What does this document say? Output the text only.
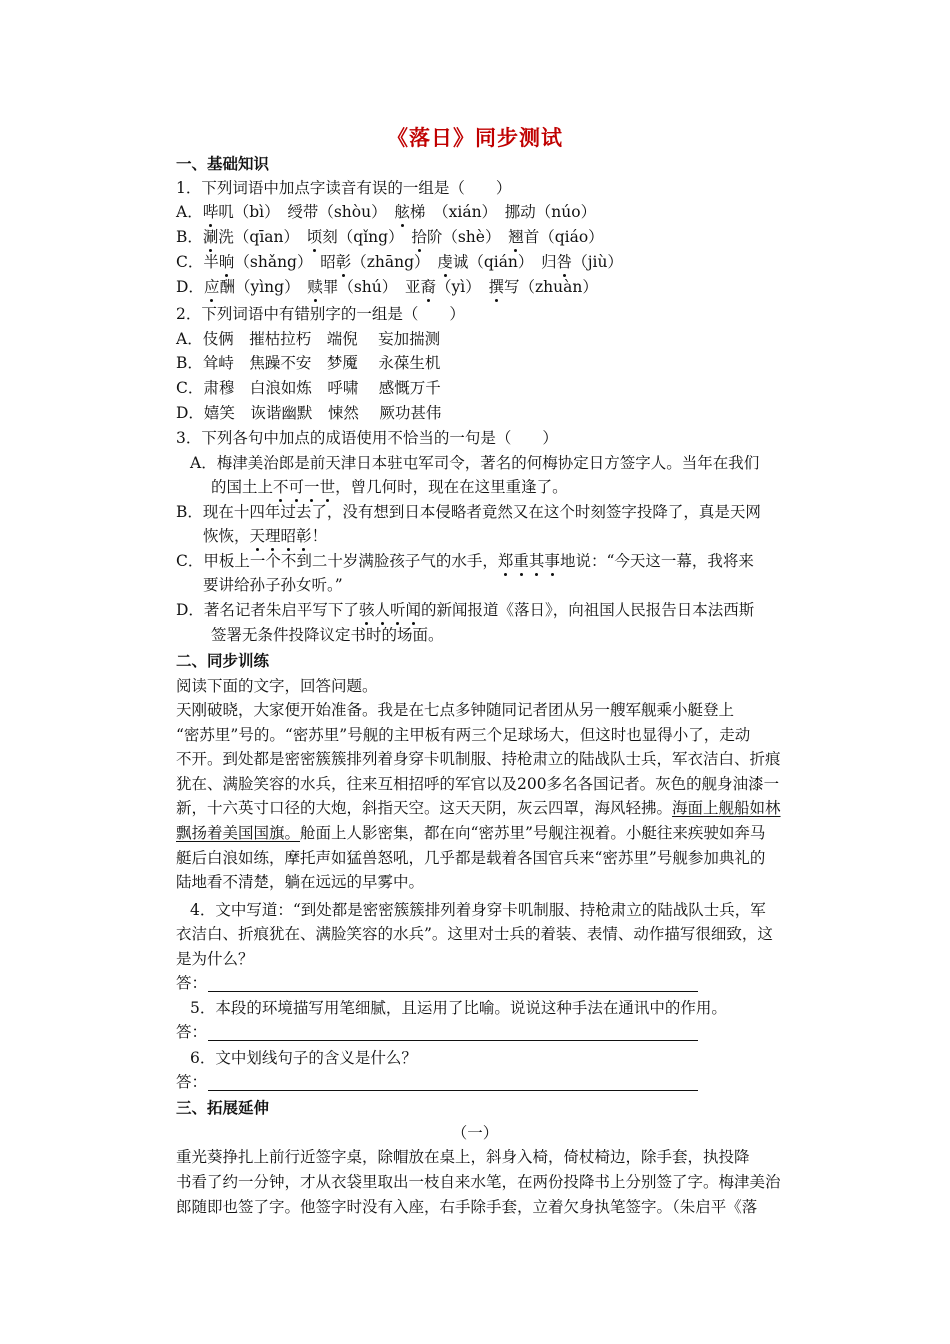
《落日》同步测试
一、基础知识
1．下列词语中加点字读音有误的一组是（　　）
A．哔叽（bì）　绶带（shòu）　舷梯　（xián）　挪动（núo）
B．涮洗（qīan）　顷刻（qǐng）　拾阶（shè）　翘首（qiáo）
C．半晌（shǎng）　昭彰（zhāng）　虔诚（qián）　归咎（jiù）
D．应酬（yìng）　赎罪（shú）　亚裔（yì）　撰写（zhuàn）
2．下列词语中有错别字的一组是（　　）
A．伎俩　摧枯拉朽　端倪　 妄加揣测
B．耸峙　焦躁不安　梦魇　 永葆生机
C．肃穆　白浪如炼　呼啸　 感慨万千
D．嬉笑　诙谐幽默　悚然　 厥功甚伟
3．下列各句中加点的成语使用不恰当的一句是（　　）
A．梅津美治郎是前天津日本驻屯军司令，著名的何梅协定日方签字人。当年在我们
的国土上不可一世，曾几何时，现在在这里重逢了。
B．现在十四年过去了，没有想到日本侵略者竟然又在这个时刻签字投降了，真是天网
恢恢，天理昭彰！
C．甲板上一个不到二十岁满脸孩子气的水手，郑重其事地说：“今天这一幕，我将来
要讲给孙子孙女听。”
D．著名记者朱启平写下了骇人听闻的新闻报道《落日》，向祖国人民报告日本法西斯
签署无条件投降议定书时的场面。
二、同步训练
阅读下面的文字，回答问题。
天刚破晓，大家便开始准备。我是在七点多钟随同记者团从另一艘军舰乘小艇登上
“密苏里”号的。“密苏里”号舰的主甲板有两三个足球场大，但这时也显得小了，走动
不开。到处都是密密簇簇排列着身穿卡叽制服、持枪肃立的陆战队士兵，军衣洁白、折痕
犹在、满脸笑容的水兵，往来互相招呼的军官以及200多名各国记者。灰色的舰身油漆一
新，十六英寸口径的大炮，斜指天空。这天天阴，灰云四罩，海风轻拂。海面上舰船如林
飘扬着美国国旗。舱面上人影密集，都在向“密苏里”号舰注视着。小艇往来疾驶如奔马
艇后白浪如练，摩托声如猛兽怒吼，几乎都是载着各国官兵来“密苏里”号舰参加典礼的
陆地看不清楚，躺在远远的早雾中。
4．文中写道：“到处都是密密簇簇排列着身穿卡叽制服、持枪肃立的陆战队士兵，军
衣洁白、折痕犹在、满脸笑容的水兵”。这里对士兵的着装、表情、动作描写很细致，这
是为什么？
答：
5．本段的环境描写用笔细腻，且运用了比喻。说说这种手法在通讯中的作用。
答：
6．文中划线句子的含义是什么？
答：
三、拓展延伸
（一）
重光葵挣扎上前行近签字桌，除帽放在桌上，斜身入椅，倚杖椅边，除手套，执投降
书看了约一分钟，才从衣袋里取出一枝自来水笔，在两份投降书上分别签了字。梅津美治
郎随即也签了字。他签字时没有入座，右手除手套，立着欠身执笔签字。（朱启平《落
